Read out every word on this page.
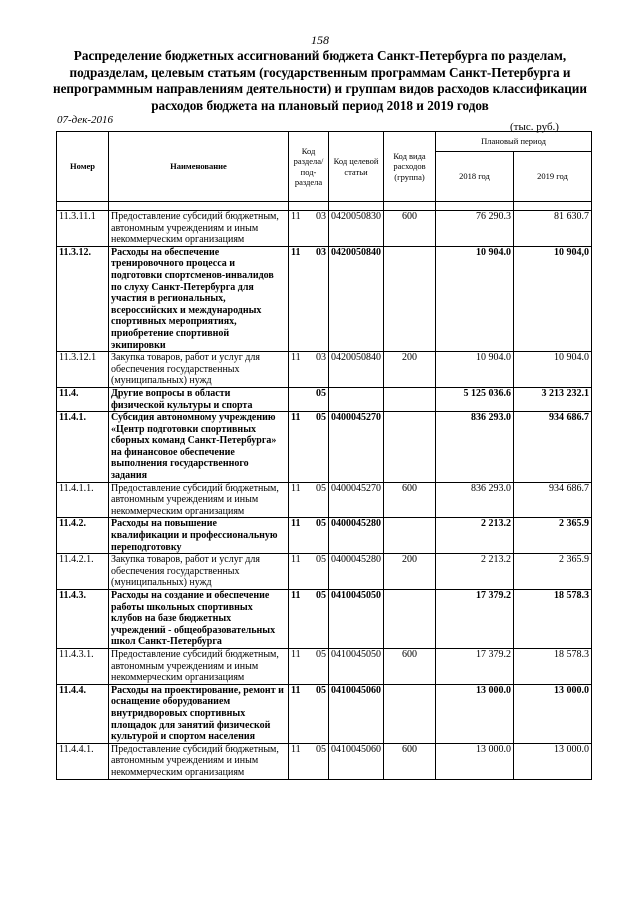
158
Распределение бюджетных ассигнований бюджета Санкт-Петербурга по разделам, подразделам, целевым статьям (государственным программам Санкт-Петербурга и непрограммным направлениям деятельности) и группам видов расходов классификации расходов бюджета на плановый период 2018 и 2019 годов
07-дек-2016
(тыс. руб.)
Номер	Наименование	Код раздела/ под-раздела	Код целевой статьи	Код вида расходов (группа)	Плановый период	
					2018 год	2019 год

11.3.11.1	Предоставление субсидий бюджетным, автономным учреждениям и иным некоммерческим организациям	11 03	0420050830	600	76 290.3	81 630.7
11.3.12.	Расходы на обеспечение тренировочного процесса и подготовки спортсменов-инвалидов по слуху Санкт-Петербурга для участия в региональных, всероссийских и международных спортивных мероприятиях, приобретение спортивной экипировки	11 03	0420050840		10 904.0	10 904,0
11.3.12.1	Закупка товаров, работ и услуг для обеспечения государственных (муниципальных) нужд	11 03	0420050840	200	10 904.0	10 904.0
11.4.	Другие вопросы в области физической культуры и спорта	05			5 125 036.6	3 213 232.1
11.4.1.	Субсидия автономному учреждению «Центр подготовки спортивных сборных команд Санкт-Петербурга» на финансовое обеспечение выполнения государственного задания	11 05	0400045270		836 293.0	934 686.7
11.4.1.1.	Предоставление субсидий бюджетным, автономным учреждениям и иным некоммерческим организациям	11 05	0400045270	600	836 293.0	934 686.7
11.4.2.	Расходы на повышение квалификации и профессиональную переподготовку	11 05	0400045280		2 213.2	2 365.9
11.4.2.1.	Закупка товаров, работ и услуг для обеспечения государственных (муниципальных) нужд	11 05	0400045280	200	2 213.2	2 365.9
11.4.3.	Расходы на создание и обеспечение работы школьных спортивных клубов на базе бюджетных учреждений - общеобразовательных школ Санкт-Петербурга	11 05	0410045050		17 379.2	18 578.3
11.4.3.1.	Предоставление субсидий бюджетным, автономным учреждениям и иным некоммерческим организациям	11 05	0410045050	600	17 379.2	18 578.3
11.4.4.	Расходы на проектирование, ремонт и оснащение оборудованием внутридворовых спортивных площадок для занятий физической культурой и спортом населения	11 05	0410045060		13 000.0	13 000.0
11.4.4.1.	Предоставление субсидий бюджетным, автономным учреждениям и иным некоммерческим организациям	11 05	0410045060	600	13 000.0	13 000.0
